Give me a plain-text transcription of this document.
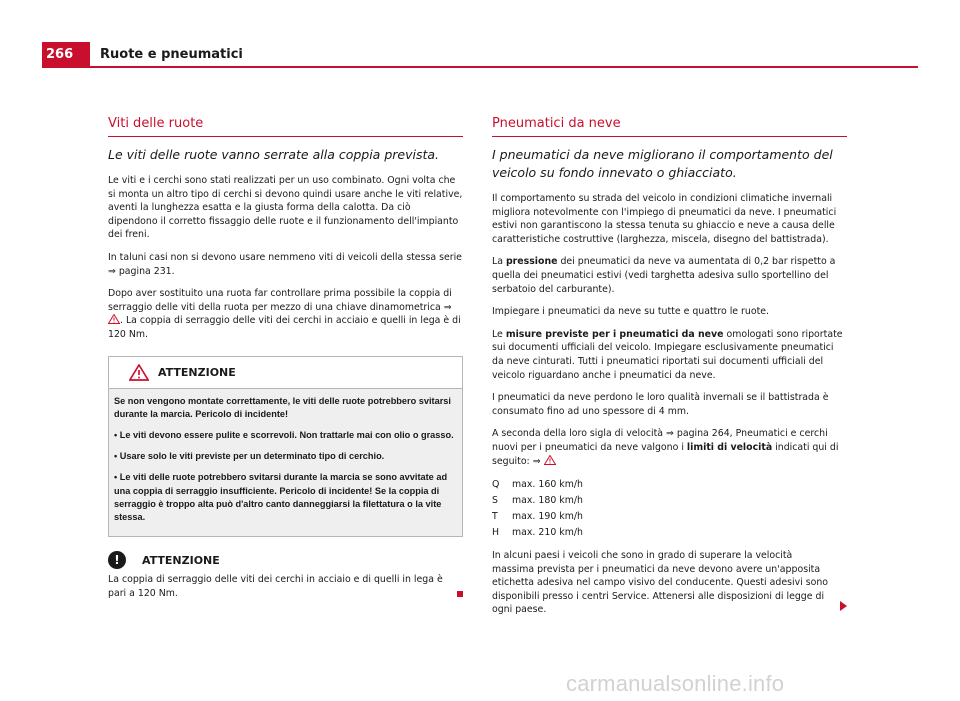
266	Ruote e pneumatici
Viti delle ruote
Le viti delle ruote vanno serrate alla coppia prevista.

Le viti e i cerchi sono stati realizzati per un uso combinato. Ogni volta che si monta un altro tipo di cerchi si devono quindi usare anche le viti relative, aventi la lunghezza esatta e la giusta forma della calotta. Da ciò dipendono il corretto fissaggio delle ruote e il funzionamento dell'impianto dei freni.

In taluni casi non si devono usare nemmeno viti di veicoli della stessa serie ⇒ pagina 231.

Dopo aver sostituito una ruota far controllare prima possibile la coppia di serraggio delle viti della ruota per mezzo di una chiave dinamometrica ⇒ . La coppia di serraggio delle viti dei cerchi in acciaio e quelli in lega è di 120 Nm.

ATTENZIONE

Se non vengono montate correttamente, le viti delle ruote potrebbero svitarsi durante la marcia. Pericolo di incidente!

• Le viti devono essere pulite e scorrevoli. Non trattarle mai con olio o grasso.

• Usare solo le viti previste per un determinato tipo di cerchio.

• Le viti delle ruote potrebbero svitarsi durante la marcia se sono avvitate ad una coppia di serraggio insufficiente. Pericolo di incidente! Se la coppia di serraggio è troppo alta può d'altro canto danneggiarsi la filettatura o la vite stessa.

!	ATTENZIONE
La coppia di serraggio delle viti dei cerchi in acciaio e di quelli in lega è pari a 120 Nm.
Pneumatici da neve
I pneumatici da neve migliorano il comportamento del veicolo su fondo innevato o ghiacciato.

Il comportamento su strada del veicolo in condizioni climatiche invernali migliora notevolmente con l'impiego di pneumatici da neve. I pneumatici estivi non garantiscono la stessa tenuta su ghiaccio e neve a causa delle caratteristiche costruttive (larghezza, miscela, disegno del battistrada).

La pressione dei pneumatici da neve va aumentata di 0,2 bar rispetto a quella dei pneumatici estivi (vedi targhetta adesiva sullo sportellino del serbatoio del carburante).

Impiegare i pneumatici da neve su tutte e quattro le ruote.

Le misure previste per i pneumatici da neve omologati sono riportate sui documenti ufficiali del veicolo. Impiegare esclusivamente pneumatici da neve cinturati. Tutti i pneumatici riportati sui documenti ufficiali del veicolo riguardano anche i pneumatici da neve.

I pneumatici da neve perdono le loro qualità invernali se il battistrada è consumato fino ad uno spessore di 4 mm.

A seconda della loro sigla di velocità ⇒ pagina 264, Pneumatici e cerchi nuovi per i pneumatici da neve valgono i limiti di velocità indicati qui di seguito: ⇒

Q	max. 160 km/h
S	max. 180 km/h
T	max. 190 km/h
H	max. 210 km/h

In alcuni paesi i veicoli che sono in grado di superare la velocità massima prevista per i pneumatici da neve devono avere un'apposita etichetta adesiva nel campo visivo del conducente. Questi adesivi sono disponibili presso i centri Service. Attenersi alle disposizioni di legge di ogni paese.

carmanualsonline.info
